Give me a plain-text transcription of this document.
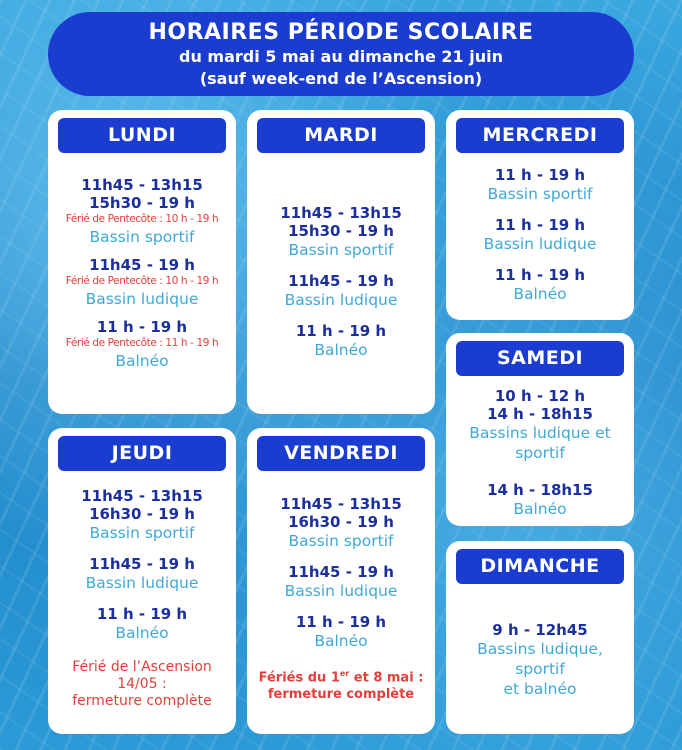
HORAIRES PÉRIODE SCOLAIRE
du mardi 5 mai au dimanche 21 juin
(sauf week-end de l’Ascension)
LUNDI
11h45 - 13h15
15h30 - 19 h
Férié de Pentecôte : 10 h - 19 h
Bassin sportif
11h45 - 19 h
Férié de Pentecôte : 10 h - 19 h
Bassin ludique
11 h - 19 h
Férié de Pentecôte : 11 h - 19 h
Balnéo
MARDI
11h45 - 13h15
15h30 - 19 h
Bassin sportif
11h45 - 19 h
Bassin ludique
11 h - 19 h
Balnéo
MERCREDI
11 h - 19 h
Bassin sportif
11 h - 19 h
Bassin ludique
11 h - 19 h
Balnéo
SAMEDI
10 h - 12 h
14 h - 18h15
Bassins ludique et
sportif
14 h - 18h15
Balnéo
JEUDI
11h45 - 13h15
16h30 - 19 h
Bassin sportif
11h45 - 19 h
Bassin ludique
11 h - 19 h
Balnéo
Férié de l’Ascension
14/05 :
fermeture complète
VENDREDI
11h45 - 13h15
16h30 - 19 h
Bassin sportif
11h45 - 19 h
Bassin ludique
11 h - 19 h
Balnéo
Fériés du 1er et 8 mai :
fermeture complète
DIMANCHE
9 h - 12h45
Bassins ludique,
sportif
et balnéo
